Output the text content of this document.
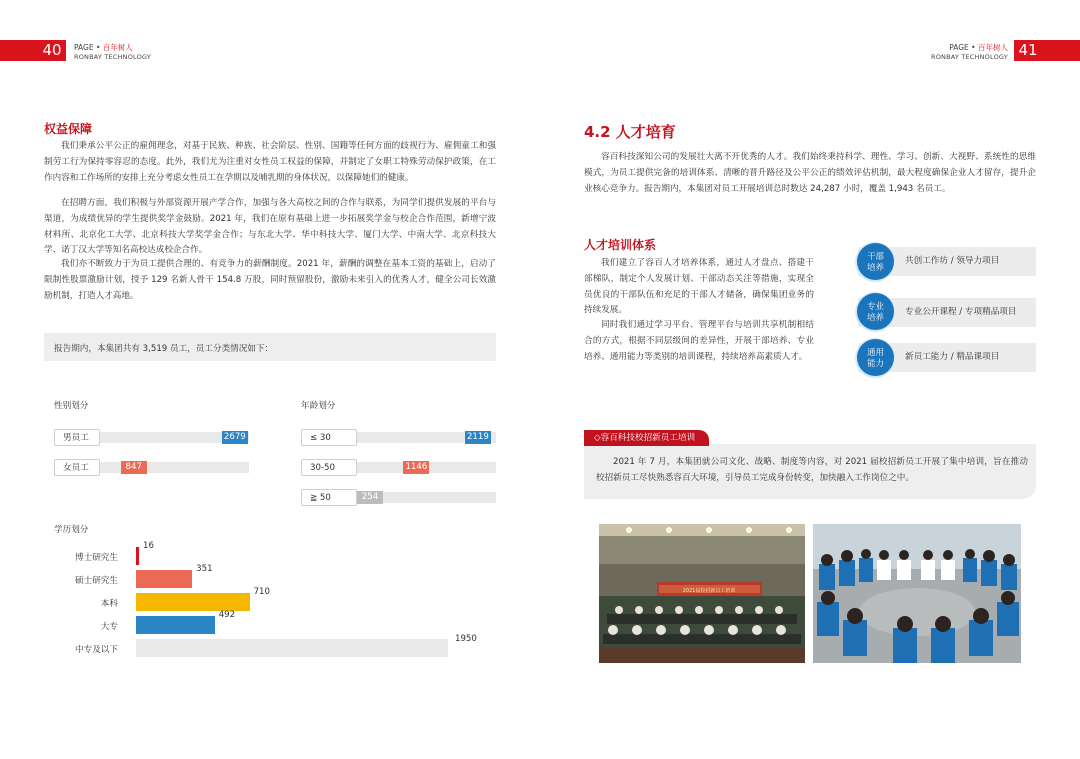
40	PAGE • 百年树人
RONBAY TECHNOLOGY	41
PAGE • 百年树人
RONBAY TECHNOLOGY
权益保障

我们秉承公平公正的雇佣理念，对基于民族、种族、社会阶层、性别、国籍等任何方面的歧视行为、雇佣童工和强制劳工行为保持零容忍的态度。此外，我们尤为注重对女性员工权益的保障，并制定了女职工特殊劳动保护政策，在工作内容和工作场所的安排上充分考虑女性员工在孕期以及哺乳期的身体状况，以保障她们的健康。

在招聘方面，我们积极与外部资源开展产学合作，加强与各大高校之间的合作与联系，为同学们提供发展的平台与渠道，为成绩优异的学生提供奖学金鼓励。2021 年，我们在原有基础上进一步拓展奖学金与校企合作范围，新增宁波材料所、北京化工大学、北京科技大学奖学金合作；与东北大学、华中科技大学、厦门大学、中南大学、北京科技大学、诺丁汉大学等知名高校达成校企合作。

我们亦不断致力于为员工提供合理的、有竞争力的薪酬制度。2021 年，薪酬的调整在基本工资的基础上，启动了限制性股票激励计划，授予 129 名新人骨干 154.8 万股，同时预留股份，激励未来引入的优秀人才，健全公司长效激励机制，打造人才高地。

报告期内，本集团共有 3,519 员工，员工分类情况如下：
性别划分	年龄划分
学历划分
男员工	2679
女员工	847
≤ 30	2119
30-50	1146
≧ 50	254
博士研究生
16
硕士研究生
351
本科
710
大专
492
中专及以下
1950
4.2 人才培育

容百科技深知公司的发展壮大离不开优秀的人才。我们始终秉持科学、理性、学习、创新、大视野、系统性的思维模式，为员工提供完备的培训体系、清晰的晋升路径及公平公正的绩效评估机制，最大程度确保企业人才留存，提升企业核心竞争力。报告期内，本集团对员工开展培训总时数达 24,287 小时，覆盖 1,943 名员工。

人才培训体系

我们建立了容百人才培养体系，通过人才盘点、搭建干部梯队，制定个人发展计划、干部动态关注等措施，实现全员优良的干部队伍和充足的干部人才储备，确保集团业务的持续发展。

同时我们通过学习平台、管理平台与培训共享机制相结合的方式，根据不同层级间的差异性，开展干部培养、专业培养、通用能力等类别的培训课程，持续培养高素质人才。

共创工作坊 / 领导力项目
干部
培养
专业公开课程 / 专项精品项目
专业
培养
新员工能力 / 精品课项目
通用
能力
◇容百科技校招新员工培训

2021 年 7 月，本集团就公司文化、战略、制度等内容，对 2021 届校招新员工开展了集中培训，旨在推动校招新员工尽快熟悉容百大环境，引导员工完成身份转变，加快融入工作岗位之中。

2021届校招新员工培训
